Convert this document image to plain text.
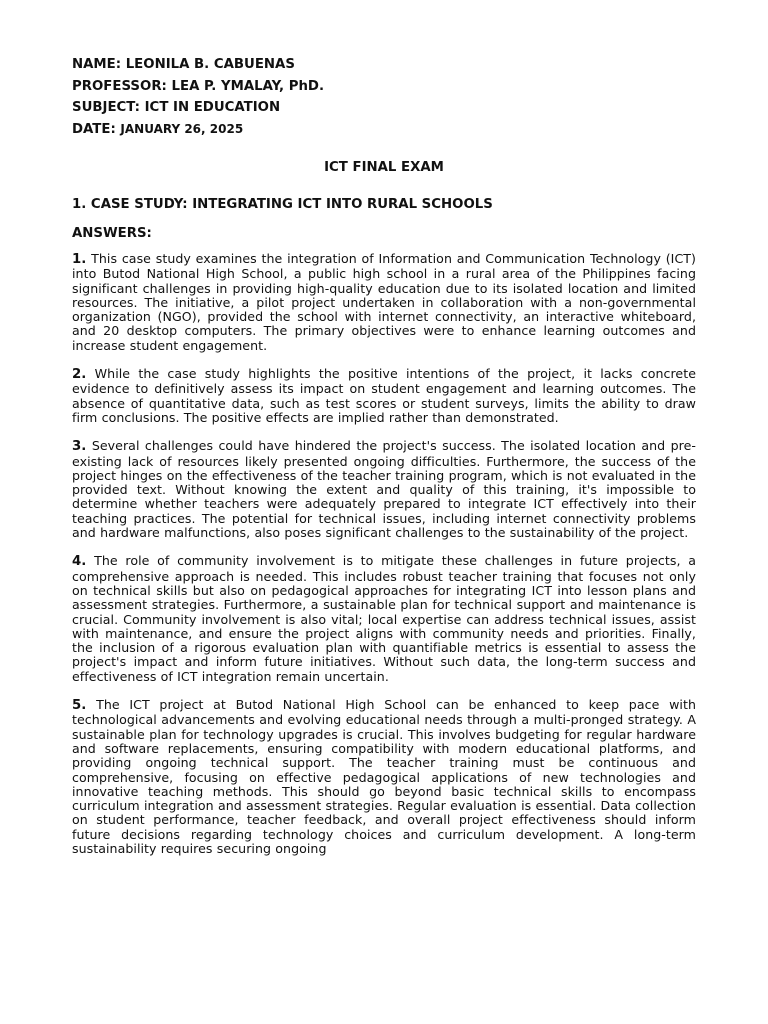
NAME: LEONILA B. CABUENAS

PROFESSOR: LEA P. YMALAY, PhD.

SUBJECT: ICT IN EDUCATION

DATE: JANUARY 26, 2025

ICT FINAL EXAM

1. CASE STUDY: INTEGRATING ICT INTO RURAL SCHOOLS

ANSWERS:

1. This case study examines the integration of Information and Communication Technology (ICT) into Butod National High School, a public high school in a rural area of the Philippines facing significant challenges in providing high-quality education due to its isolated location and limited resources. The initiative, a pilot project undertaken in collaboration with a non-governmental organization (NGO), provided the school with internet connectivity, an interactive whiteboard, and 20 desktop computers. The primary objectives were to enhance learning outcomes and increase student engagement.

2. While the case study highlights the positive intentions of the project, it lacks concrete evidence to definitively assess its impact on student engagement and learning outcomes. The absence of quantitative data, such as test scores or student surveys, limits the ability to draw firm conclusions. The positive effects are implied rather than demonstrated.

3. Several challenges could have hindered the project's success. The isolated location and pre-existing lack of resources likely presented ongoing difficulties. Furthermore, the success of the project hinges on the effectiveness of the teacher training program, which is not evaluated in the provided text. Without knowing the extent and quality of this training, it's impossible to determine whether teachers were adequately prepared to integrate ICT effectively into their teaching practices. The potential for technical issues, including internet connectivity problems and hardware malfunctions, also poses significant challenges to the sustainability of the project.

4. The role of community involvement is to mitigate these challenges in future projects, a comprehensive approach is needed. This includes robust teacher training that focuses not only on technical skills but also on pedagogical approaches for integrating ICT into lesson plans and assessment strategies. Furthermore, a sustainable plan for technical support and maintenance is crucial. Community involvement is also vital; local expertise can address technical issues, assist with maintenance, and ensure the project aligns with community needs and priorities. Finally, the inclusion of a rigorous evaluation plan with quantifiable metrics is essential to assess the project's impact and inform future initiatives. Without such data, the long-term success and effectiveness of ICT integration remain uncertain.

5. The ICT project at Butod National High School can be enhanced to keep pace with technological advancements and evolving educational needs through a multi-pronged strategy. A sustainable plan for technology upgrades is crucial. This involves budgeting for regular hardware and software replacements, ensuring compatibility with modern educational platforms, and providing ongoing technical support. The teacher training must be continuous and comprehensive, focusing on effective pedagogical applications of new technologies and innovative teaching methods. This should go beyond basic technical skills to encompass curriculum integration and assessment strategies. Regular evaluation is essential. Data collection on student performance, teacher feedback, and overall project effectiveness should inform future decisions regarding technology choices and curriculum development. A long-term sustainability requires securing ongoing
